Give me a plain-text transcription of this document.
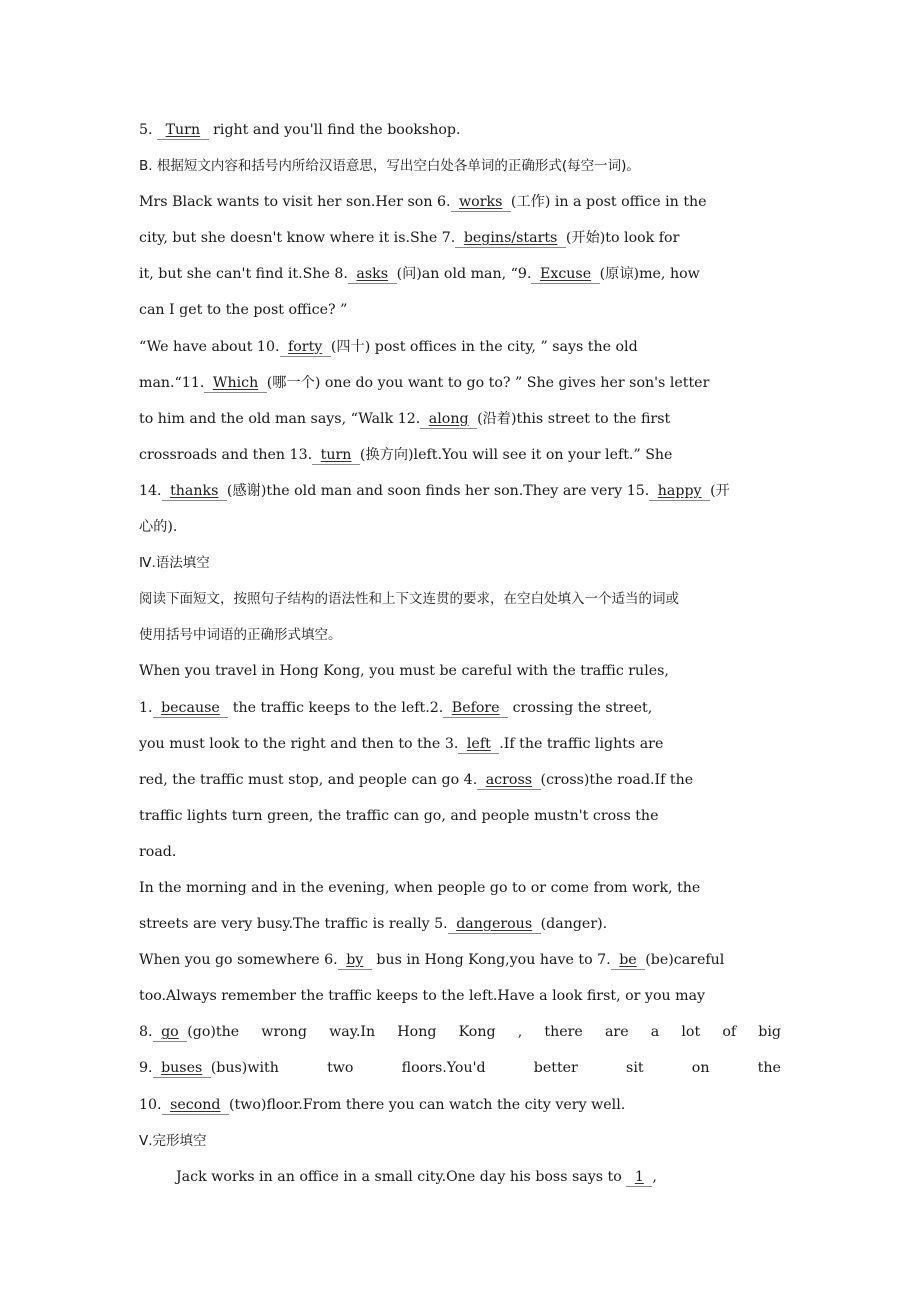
5. Turn right and you'll find the bookshop.
B. 根据短文内容和括号内所给汉语意思，写出空白处各单词的正确形式(每空一词)。
Mrs Black wants to visit her son.Her son 6. works (工作) in a post office in the
city, but she doesn't know where it is.She 7. begins/starts (开始)to look for
it, but she can't find it.She 8. asks (问)an old man, “9. Excuse (原谅)me, how
can I get to the post office? ”
“We have about 10. forty (四十) post offices in the city, ” says the old
man.“11. Which (哪一个) one do you want to go to? ” She gives her son's letter
to him and the old man says, “Walk 12. along (沿着)this street to the first
crossroads and then 13. turn (换方向)left.You will see it on your left.” She
14. thanks (感谢)the old man and soon finds her son.They are very 15. happy (开
心的).
Ⅳ.语法填空
阅读下面短文，按照句子结构的语法性和上下文连贯的要求，在空白处填入一个适当的词或
使用括号中词语的正确形式填空。
When you travel in Hong Kong, you must be careful with the traffic rules,
1. because the traffic keeps to the left.2. Before crossing the street,
you must look to the right and then to the 3. left .If the traffic lights are
red, the traffic must stop, and people can go 4. across (cross)the road.If the
traffic lights turn green, the traffic can go, and people mustn't cross the
road.
In the morning and in the evening, when people go to or come from work, the
streets are very busy.The traffic is really 5. dangerous (danger).
When you go somewhere 6. by bus in Hong Kong,you have to 7. be (be)careful
too.Always remember the traffic keeps to the left.Have a look first, or you may
8. go (go)the wrong way.In Hong Kong , there are a lot of big
9. buses (bus)with	two	floors.You'd	better	sit	on	the
10. second (two)floor.From there you can watch the city very well.
Ⅴ.完形填空
Jack works in an office in a small city.One day his boss says to 1 ,
